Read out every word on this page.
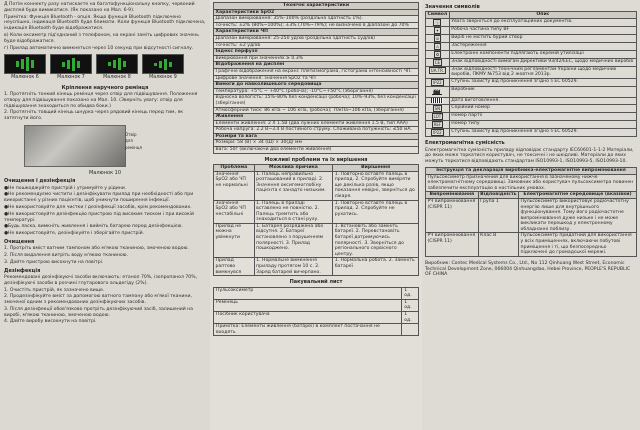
Д Потім коннекту разу натискаєте на багатофункціональну кнопку, червоний дисплей буде вимикатися. (Як показано на Мал. 6-9).

Примітка: Функція Bluetooth - опція. Якщо функція Bluetooth підключено неуспішно, індикація Bluetooth буде блимати. Коли функція Bluetooth підключена, індикація Bluetooth буде відображатися.

в) Коли оксиметр під'єднаний з телефоном, на екрані заміть цифрових значень буде відображатися.

г) Прилад автоматично вимкнеться через 10 секунд при відсутності сигналу.

Малюнок 6	Малюнок 7	Малюнок 8	Малюнок 9

Кріплення наручного ремінця

1. Протягніть тонкий кінець ремінця через отвір для підвішування. Положення отвору для підвішування показано на Мал. 10. (Зверніть увагу: отвір для підвішування знаходиться по обидва боки.)

2. Протягніть товщий кінець шнурка через рядовий кінець перед тим, як затягнути його.

Отвір для ремінця

Малюнок 10

Очищення і дезінфекція

●Не пошкоджуйте пристрій і утримуйте у рідини.

●Не рекомендуємо чистити і дезінфікувати прилад при необхідності або при використанні у різних пацієнтів, щоб уникнути поширення інфекції.

●Не використовуйте для чистки / дезінфекції засобів, крім рекомендованих.

●Не використовуйте дезінфекцію пристрою під високим тиском і при високій температурі.

●Будь ласка, вимкніть живлення і вийміть батарею перед дезінфекцією.

●Не використовуйте, дезінфікуйте і зберігайте пристрій.

Очищення

1. Протріть вміст ватним тампоном або м'якою тканиною, змоченою водою.

2. Після видалення витріть воду м'якою тканиною.

3. Дайте пристрою висохнути на повітрі.

Дезінфекція

Рекомендовані дезінфікуючі засоби включають: етанол 70%, ізопропанол 70%, дезінфікуючі засоби в розчині глутарового альдегіду (2%).

1. Очистіть пристрій, як зазначено вище.

2. Продезінфікуйте вміст за допомогою ватного тампону або м'якої тканини, змоченої одним з рекомендованих дезінфікуючих засобів.

3. Після дезінфекції обов'язково протріть дезінфікуючий засіб, залишений на виробі, м'якою тканиною, змоченою водою.

4. Дайте виробу висохнути на повітрі.

Технічні характеристики
Характеристики SpO2
Діапазон вимірювання: 35%–100% (роздільна здатність 1%).
Точність: ±2% (80%~100%); ±3% (70%~79%); не визначено в діапазоні до 70%
Характеристики ЧП
Діапазон вимірювання: 25-250 уд/хв (роздільна здатність 1уд/хв)
Точність: ±2 уд/хв
Індекс перфузії
Вимірювання при значеннях ≥ 0.3%
Відображення на дисплеї
Графічне відображення на екрані: плетизмограма, гістограма інтенсивності ЧП.
Цифрове значення: значення SpO2 та ЧП
Вимоги до навколишнього середовища
Температура: +5°С ~ +40°С (робоча); -10°С~+50°С (зберігання)
Відносна вологість: 15%–80% без конденсації (робоча); 10%–93%, без конденсації (зберігання)
Атмосферний тиск: 86 кПа ~ 106 кПа, (робоча); 70кПа~106 кПа, (зберігання)
Живлення
Елементи живлення: 2 X 1.5В (два лужних елементи живлення 1.5 В, тип ААА)
Робоча напруга: 2.2 В~3.4 В постійного струму. Споживана потужність: ≤50 мА.
Розміри та вага
Розміри: 58 (В) × 34 (Ш) × 30(Д) мм
Вага: 50г (включаючи два елементи живлення)

Можливі проблеми та їх вирішення

Проблема	Можлива причина	Вирішення
Значення SpO2 або ЧП не нормальні	1. Палець неправильно розташований в приладі. 2. Значення оксигемоглобіну пацієнта є занадто низьким.	1. Повторно вставте палець в прилад. 2. Спробуйте виміряти ще декілька разів, якщо показання невірні, зверніться до лікаря.
Значення SpO2 або ЧП нестабільні	1. Палець в приладі вставлено не повністю. 2. Палець тремтить або знаходиться в стані руху.	1. Повторно вставте палець в прилад. 2. Спробуйте не рухатись.
Прилад не можна увімкнути	1. Батарея розряджена або відсутня. 2. Батареї встановлено з порушенням полярності. 3. Прилад пошкоджено.	1. Встановіть або замініть батареї. 2. Перевстановіть батареї дотримуючись полярності. 3. Зверніться до регіонального сервісного центру.
Прилад раптово вимкнувся	1. Нормальне вимкнення приладу протягом 10 с. 2. Заряд батарей вичерпано.	1. Нормальна робота. 2. Замініть батареї

Пакувальний лист

Пульсоксиметр	1 од.
Ремінець	1 од.
Посібник користувача	1 од.
Примітка: Елементи живлення (батареї) в комплект постачання не входять	

Значення символів

Символ	Опис
ⓘ	Увага зверніться до експлуатаційних документів.
✦	Робоча частина типу BF
⊘	Виріб не містить бурий створ
⚠	Застереження
♻	Електронні компоненти підлягають окремій утилізації
CE	Знак відповідності вимогам Директиви 93/42/ЕЕС, щодо медичних виробів
UA.TR.	Знак відповідності технічним регламентам України щодо медичних виробів, ПКМУ №753 від 2 жовтня 2013р.
IP22	Ступінь захисту від проникнення згідно з ЕС 60529.
	Виробник
	Дата виготовлення.
SN	Серійний номер
LOT	Номер партії
REF	Номер типу
IP22	Ступінь захисту від проникнення згідно з ЕС 60529.

Електромагнітна сумісність

Електромагнітна сумісність приладу відповідає стандарту IEC60601-1-1-2 Матеріали, до яких може торкатися користувач, не токсичні і не шкідливі. Матеріали до яких можуть торкатися відповідають стандартам ISO10993-1, ISO10993-5, ISO10993-10.

Інструкція та декларація виробника-електромагнітне випромінювання		
Пульсоксиметр призначений для використання в зазначеному нижче електромагнітному середовищі. Замовник або користувач пульсоксиметра повинен забезпечити експлуатацію в настільних умовах.		
Випромінювання	Відповідність	Електромагнітне середовище (вказівки)
РЧ випромінювання (CISPR 11)	Група 1	Пульсоксиметр використовує радіочастотну енергію лише для внутрішнього функціонування. Тому його радіочастотне випромінювання дуже низьке і не може викликати перешкод у електронному обладнанні поблизу.
РЧ випромінювання (CISPR 11)	Клас B	Пульсоксиметр придатний для використання у всіх приміщеннях, включаючи побутові приміщення і ті, що безпосередньо підключені до громадської мережі.

Виробник: Contec Medical Systems Co., Ltd., No 112 Qinhuang West Street, Economic Technical Development Zone, 066004 Qinhuangdao, Hebei Province, PEOPLE'S REPUBLIC OF CHINA
